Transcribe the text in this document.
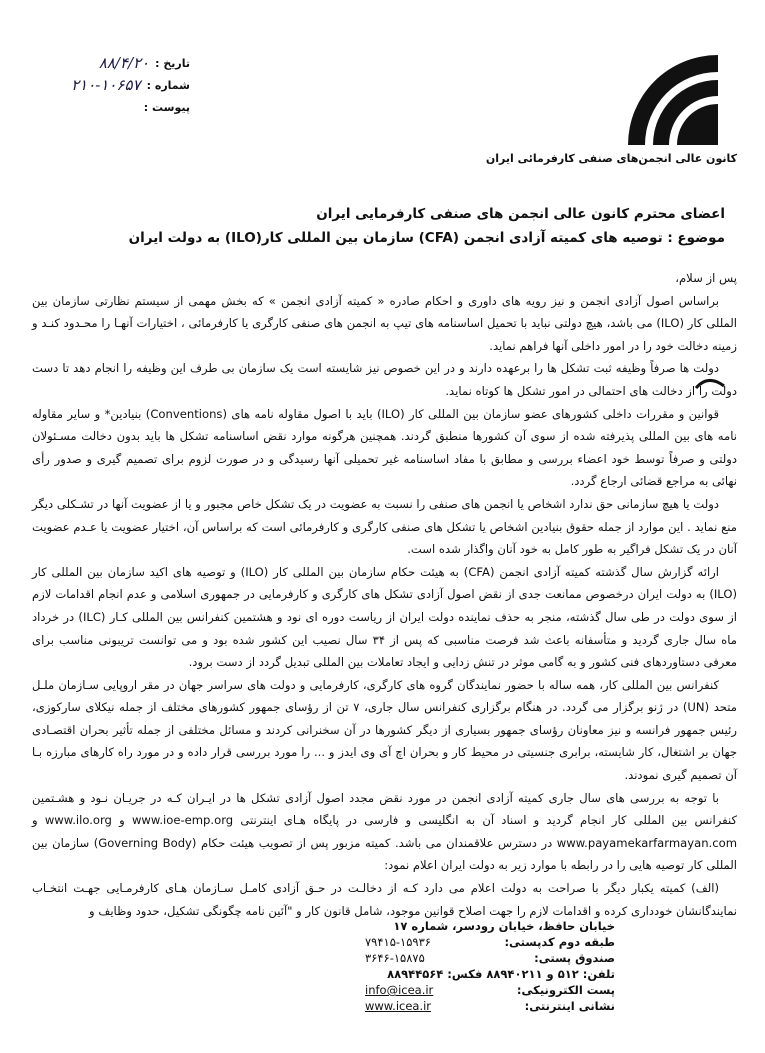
کانون عالی انجمن‌های صنفی کارفرمائی ایران
تاریخ :
۸۸/۴/۲۰
شماره :
۲۱۰-۱۰۶۵۷
پیوست :
اعضای محترم کانون عالی انجمن های صنفی کارفرمایی ایران
موضوع : توصیه های کمیته آزادی انجمن (CFA) سازمان بین المللی کار(ILO) به دولت ایران

پس از سلام،

براساس اصول آزادی انجمن و نیز رویه های داوری و احکام صادره « کمیته آزادی انجمن » که بخش مهمی از سیستم نظارتی سازمان بین المللی کار (ILO) می باشد، هیچ دولتی نباید با تحمیل اساسنامه های تیپ به انجمن های صنفی کارگری یا کارفرمائی ، اختیارات آنهـا را محـدود کنـد و زمینه دخالت خود را در امور داخلی آنها فراهم نماید.

دولت ها صرفاً وظیفه ثبت تشکل ها را برعهده دارند و در این خصوص نیز شایسته است یک سازمان بی طرف این وظیفه را انجام دهد تا دست دولت را از دخالت های احتمالی در امور تشکل ها کوتاه نماید.

قوانین و مقررات داخلی کشورهای عضو سازمان بین المللی کار (ILO) باید با اصول مقاوله نامه های (Conventions) بنیادین* و سایر مقاوله نامه های بین المللی پذیرفته شده از سوی آن کشورها منطبق گردند. همچنین هرگونه موارد نقض اساسنامه تشکل ها باید بدون دخالت مسـئولان دولتی و صرفاً توسط خود اعضاء بررسی و مطابق با مفاد اساسنامه غیر تحمیلی آنها رسیدگی و در صورت لزوم برای تصمیم گیری و صدور رأی نهائی به مراجع قضائی ارجاع گردد.

دولت یا هیچ سازمانی حق ندارد اشخاص یا انجمن های صنفی را نسبت به عضویت در یک تشکل خاص مجبور و یا از عضویت آنها در تشـکلی دیگر منع نماید . این موارد از جمله حقوق بنیادین اشخاص یا تشکل های صنفی کارگری و کارفرمائی است که براساس آن، اختیار عضویت یا عـدم عضویت آنان در یک تشکل فراگیر به طور کامل به خود آنان واگذار شده است.

ارائه گزارش سال گذشته کمیته آزادی انجمن (CFA) به هیئت حکام سازمان بین المللی کار (ILO) و توصیه های اکید سازمان بین المللی کار (ILO) به دولت ایران درخصوص ممانعت جدی از نقض اصول آزادی تشکل های کارگری و کارفرمایی در جمهوری اسلامی و عدم انجام اقدامات لازم از سوی دولت در طی سال گذشته، منجر به حذف نماینده دولت ایران از ریاست دوره ای نود و هشتمین کنفرانس بین المللی کـار (ILC) در خرداد ماه سال جاری گردید و متأسفانه باعث شد فرصت مناسبی که پس از ۳۴ سال نصیب این کشور شده بود و می توانست تریبونی مناسب برای معرفی دستاوردهای فنی کشور و به گامی موثر در تنش زدایی و ایجاد تعاملات بین المللی تبدیل گردد از دست برود.

کنفرانس بین المللی کار، همه ساله با حضور نمایندگان گروه های کارگری، کارفرمایی و دولت های سراسر جهان در مقر اروپایی سـازمان ملـل متحد (UN) در ژنو برگزار می گردد. در هنگام برگزاری کنفرانس سال جاری، ۷ تن از رؤسای جمهور کشورهای مختلف از جمله نیکلای سارکوزی، رئیس جمهور فرانسه و نیز معاونان رؤسای جمهور بسیاری از دیگر کشورها در آن سخنرانی کردند و مسائل مختلفی از جمله تأثیر بحران اقتصـادی جهان بر اشتغال، کار شایسته، برابری جنسیتی در محیط کار و بحران اچ آی وی ایدز و ... را مورد بررسی قرار داده و در مورد راه کارهای مبارزه بـا آن تصمیم گیری نمودند.

با توجه به بررسی های سال جاری کمیته آزادی انجمن در مورد نقض مجدد اصول آزادی تشکل ها در ایـران کـه در جریـان نـود و هشـتمین کنفرانس بین المللی کار انجام گردید و اسناد آن به انگلیسی و فارسی در پایگاه هـای اینترنتی www.ioe-emp.org و www.ilo.org و www.payamekarfarmayan.com در دسترس علاقمندان می باشد. کمیته مزبور پس از تصویب هیئت حکام (Governing Body) سازمان بین المللی کار توصیه هایی را در رابطه با موارد زیر به دولت ایران اعلام نمود:

(الف) کمیته یکبار دیگر با صراحت به دولت اعلام می دارد کـه از دخالـت در حـق آزادی کامـل سـازمان هـای کارفرمـایی جهـت انتخـاب نمایندگانشان خودداری کرده و اقدامات لازم را جهت اصلاح قوانین موجود، شامل قانون کار و "آئین نامه چگونگی تشکیل، حدود وظایف و

خیابان حافظ، خیابان رودسر، شماره ۱۷
طبقه دوم کدپستی:
۷۹۴۱۵-۱۵۹۳۶
صندوق پستی:
۳۶۴۶-۱۵۸۷۵
تلفن: ۵۱۲ و ۸۸۹۴۰۲۱۱ فکس: ۸۸۹۴۴۵۶۴
پست الکترونیکی:
info@icea.ir
نشانی اینترنتی:
www.icea.ir
